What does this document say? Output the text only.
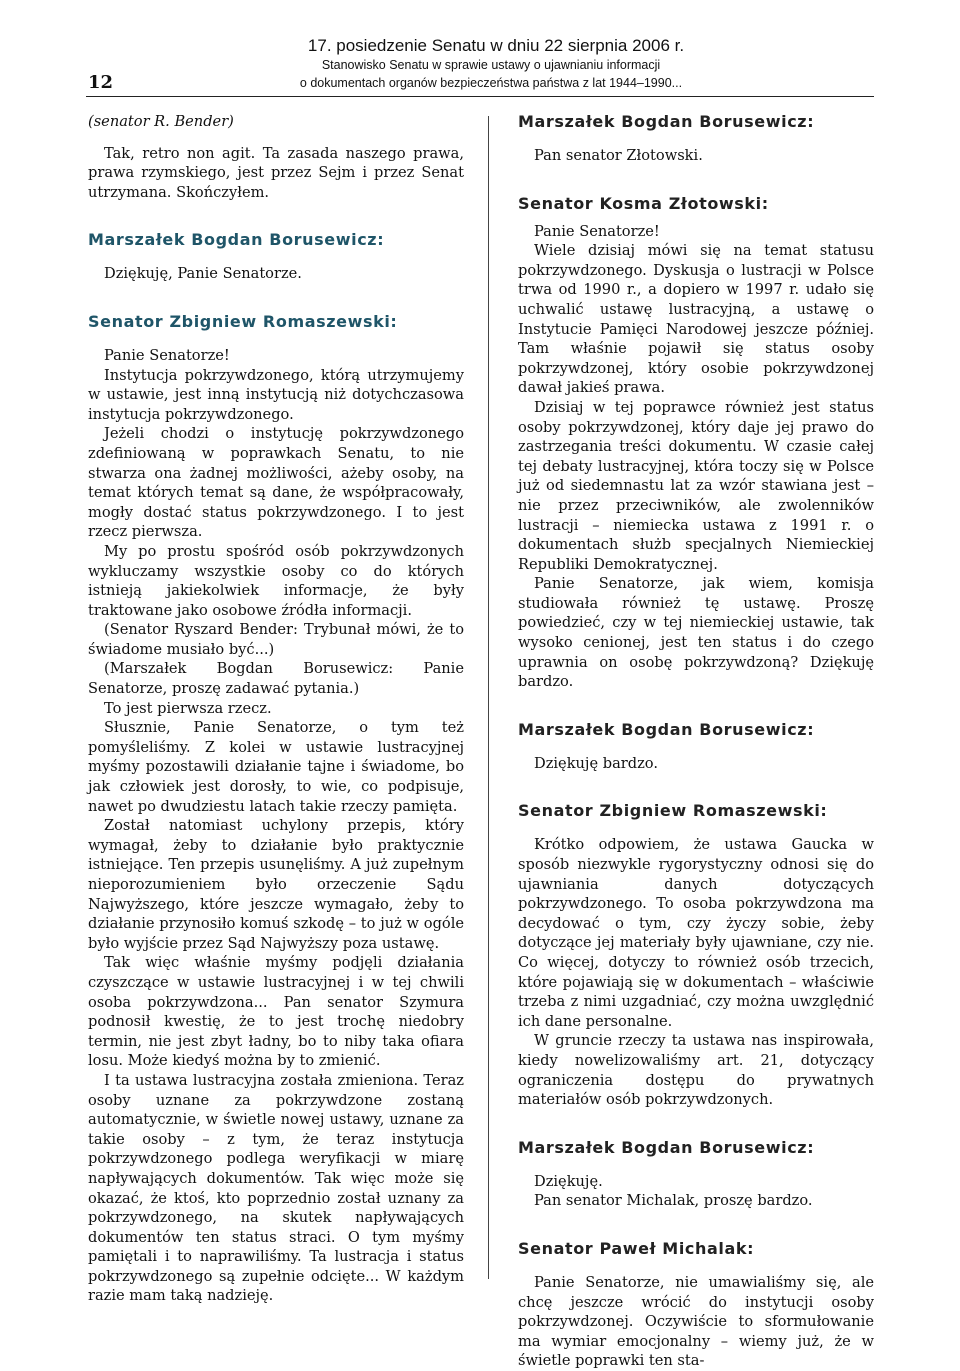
17. posiedzenie Senatu w dniu 22 sierpnia 2006 r.
Stanowisko Senatu w sprawie ustawy o ujawnianiu informacji
o dokumentach organów bezpieczeństwa państwa z lat 1944–1990...
12

(senator R. Bender)

Tak, retro non agit. Ta zasada naszego prawa, prawa rzymskiego, jest przez Sejm i przez Senat utrzymana. Skończyłem.

Marszałek Bogdan Borusewicz:

Dziękuję, Panie Senatorze.

Senator Zbigniew Romaszewski:

Panie Senatorze!

Instytucja pokrzywdzonego, którą utrzymujemy w ustawie, jest inną instytucją niż dotychczasowa instytucja pokrzywdzonego.

Jeżeli chodzi o instytucję pokrzywdzonego zdefiniowaną w poprawkach Senatu, to nie stwarza ona żadnej możliwości, ażeby osoby, na temat których temat są dane, że współpracowały, mogły dostać status pokrzywdzonego. I to jest rzecz pierwsza.

My po prostu spośród osób pokrzywdzonych wykluczamy wszystkie osoby co do których istnieją jakiekolwiek informacje, że były traktowane jako osobowe źródła informacji.

(Senator Ryszard Bender: Trybunał mówi, że to świadome musiało być...)

(Marszałek Bogdan Borusewicz: Panie Senatorze, proszę zadawać pytania.)

To jest pierwsza rzecz.

Słusznie, Panie Senatorze, o tym też pomyśleliśmy. Z kolei w ustawie lustracyjnej myśmy pozostawili działanie tajne i świadome, bo jak człowiek jest dorosły, to wie, co podpisuje, nawet po dwudziestu latach takie rzeczy pamięta.

Został natomiast uchylony przepis, który wymagał, żeby to działanie było praktycznie istniejące. Ten przepis usunęliśmy. A już zupełnym nieporozumieniem było orzeczenie Sądu Najwyższego, które jeszcze wymagało, żeby to działanie przynosiło komuś szkodę – to już w ogóle było wyjście przez Sąd Najwyższy poza ustawę.

Tak więc właśnie myśmy podjęli działania czyszczące w ustawie lustracyjnej i w tej chwili osoba pokrzywdzona... Pan senator Szymura podnosił kwestię, że to jest trochę niedobry termin, nie jest zbyt ładny, bo to niby taka ofiara losu. Może kiedyś można by to zmienić.

I ta ustawa lustracyjna została zmieniona. Teraz osoby uznane za pokrzywdzone zostaną automatycznie, w świetle nowej ustawy, uznane za takie osoby – z tym, że teraz instytucja pokrzywdzonego podlega weryfikacji w miarę napływających dokumentów. Tak więc może się okazać, że ktoś, kto poprzednio został uznany za pokrzywdzonego, na skutek napływających dokumentów ten status straci. O tym myśmy pamiętali i to naprawiliśmy. Ta lustracja i status pokrzywdzonego są zupełnie odcięte... W każdym razie mam taką nadzieję.

Marszałek Bogdan Borusewicz:

Pan senator Złotowski.

Senator Kosma Złotowski:

Panie Senatorze!

Wiele dzisiaj mówi się na temat statusu pokrzywdzonego. Dyskusja o lustracji w Polsce trwa od 1990 r., a dopiero w 1997 r. udało się uchwalić ustawę lustracyjną, a ustawę o Instytucie Pamięci Narodowej jeszcze później. Tam właśnie pojawił się status osoby pokrzywdzonej, który osobie pokrzywdzonej dawał jakieś prawa.

Dzisiaj w tej poprawce również jest status osoby pokrzywdzonej, który daje jej prawo do zastrzegania treści dokumentu. W czasie całej tej debaty lustracyjnej, która toczy się w Polsce już od siedemnastu lat za wzór stawiana jest – nie przez przeciwników, ale zwolenników lustracji – niemiecka ustawa z 1991 r. o dokumentach służb specjalnych Niemieckiej Republiki Demokratycznej.

Panie Senatorze, jak wiem, komisja studiowała również tę ustawę. Proszę powiedzieć, czy w tej niemieckiej ustawie, tak wysoko cenionej, jest ten status i do czego uprawnia on osobę pokrzywdzoną? Dziękuję bardzo.

Marszałek Bogdan Borusewicz:

Dziękuję bardzo.

Senator Zbigniew Romaszewski:

Krótko odpowiem, że ustawa Gaucka w sposób niezwykle rygorystyczny odnosi się do ujawniania danych dotyczących pokrzywdzonego. To osoba pokrzywdzona ma decydować o tym, czy życzy sobie, żeby dotyczące jej materiały były ujawniane, czy nie. Co więcej, dotyczy to również osób trzecich, które pojawiają się w dokumentach – właściwie trzeba z nimi uzgadniać, czy można uwzględnić ich dane personalne.

W gruncie rzeczy ta ustawa nas inspirowała, kiedy nowelizowaliśmy art. 21, dotyczący ograniczenia dostępu do prywatnych materiałów osób pokrzywdzonych.

Marszałek Bogdan Borusewicz:

Dziękuję.

Pan senator Michalak, proszę bardzo.

Senator Paweł Michalak:

Panie Senatorze, nie umawialiśmy się, ale chcę jeszcze wrócić do instytucji osoby pokrzywdzonej. Oczywiście to sformułowanie ma wymiar emocjonalny – wiemy już, że w świetle poprawki ten sta-
